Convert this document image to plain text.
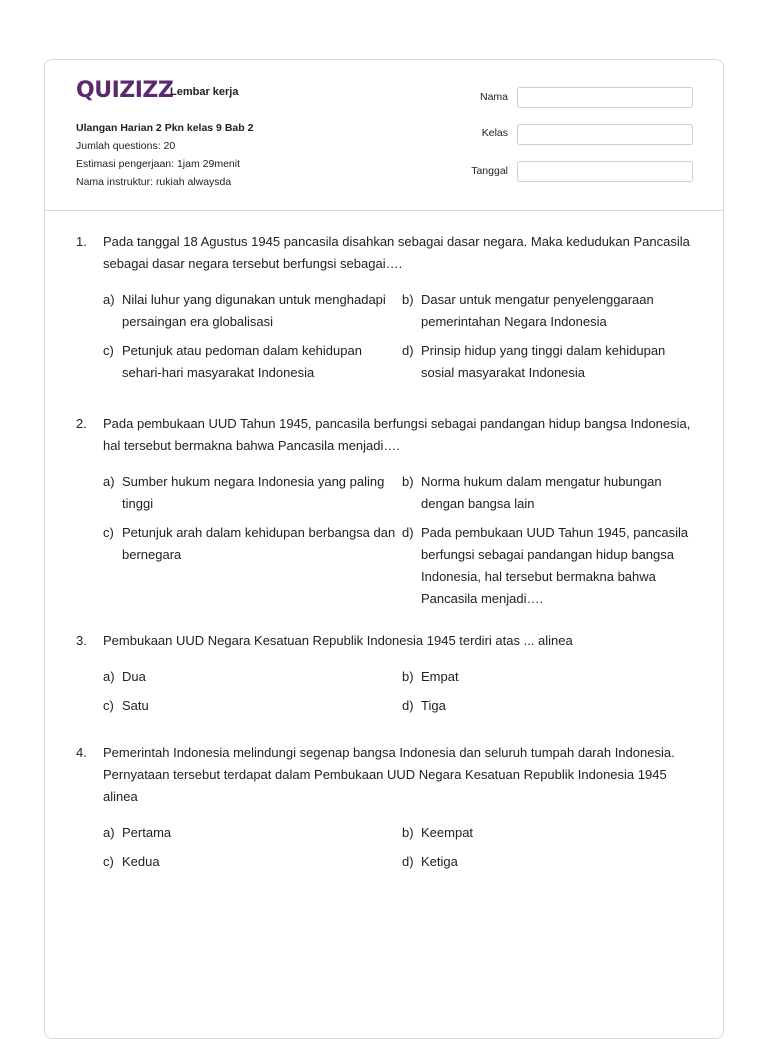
QUIZIZZ
Lembar kerja
Ulangan Harian 2 Pkn kelas 9 Bab 2
Jumlah questions: 20
Estimasi pengerjaan: 1jam 29menit
Nama instruktur: rukiah alwaysda
Nama
Kelas
Tanggal
1. Pada tanggal 18 Agustus 1945 pancasila disahkan sebagai dasar negara. Maka kedudukan Pancasila sebagai dasar negara tersebut berfungsi sebagai….
a) Nilai luhur yang digunakan untuk menghadapi persaingan era globalisasi
b) Dasar untuk mengatur penyelenggaraan pemerintahan Negara Indonesia
c) Petunjuk atau pedoman dalam kehidupan sehari-hari masyarakat Indonesia
d) Prinsip hidup yang tinggi dalam kehidupan sosial masyarakat Indonesia
2. Pada pembukaan UUD Tahun 1945, pancasila berfungsi sebagai pandangan hidup bangsa Indonesia, hal tersebut bermakna bahwa Pancasila menjadi….
a) Sumber hukum negara Indonesia yang paling tinggi
b) Norma hukum dalam mengatur hubungan dengan bangsa lain
c) Petunjuk arah dalam kehidupan berbangsa dan bernegara
d) Pada pembukaan UUD Tahun 1945, pancasila berfungsi sebagai pandangan hidup bangsa Indonesia, hal tersebut bermakna bahwa Pancasila menjadi….
3. Pembukaan UUD Negara Kesatuan Republik Indonesia 1945 terdiri atas ... alinea
a) Dua	b) Empat
c) Satu	d) Tiga
4. Pemerintah Indonesia melindungi segenap bangsa Indonesia dan seluruh tumpah darah Indonesia. Pernyataan tersebut terdapat dalam Pembukaan UUD Negara Kesatuan Republik Indonesia 1945 alinea
a) Pertama	b) Keempat
c) Kedua	d) Ketiga
